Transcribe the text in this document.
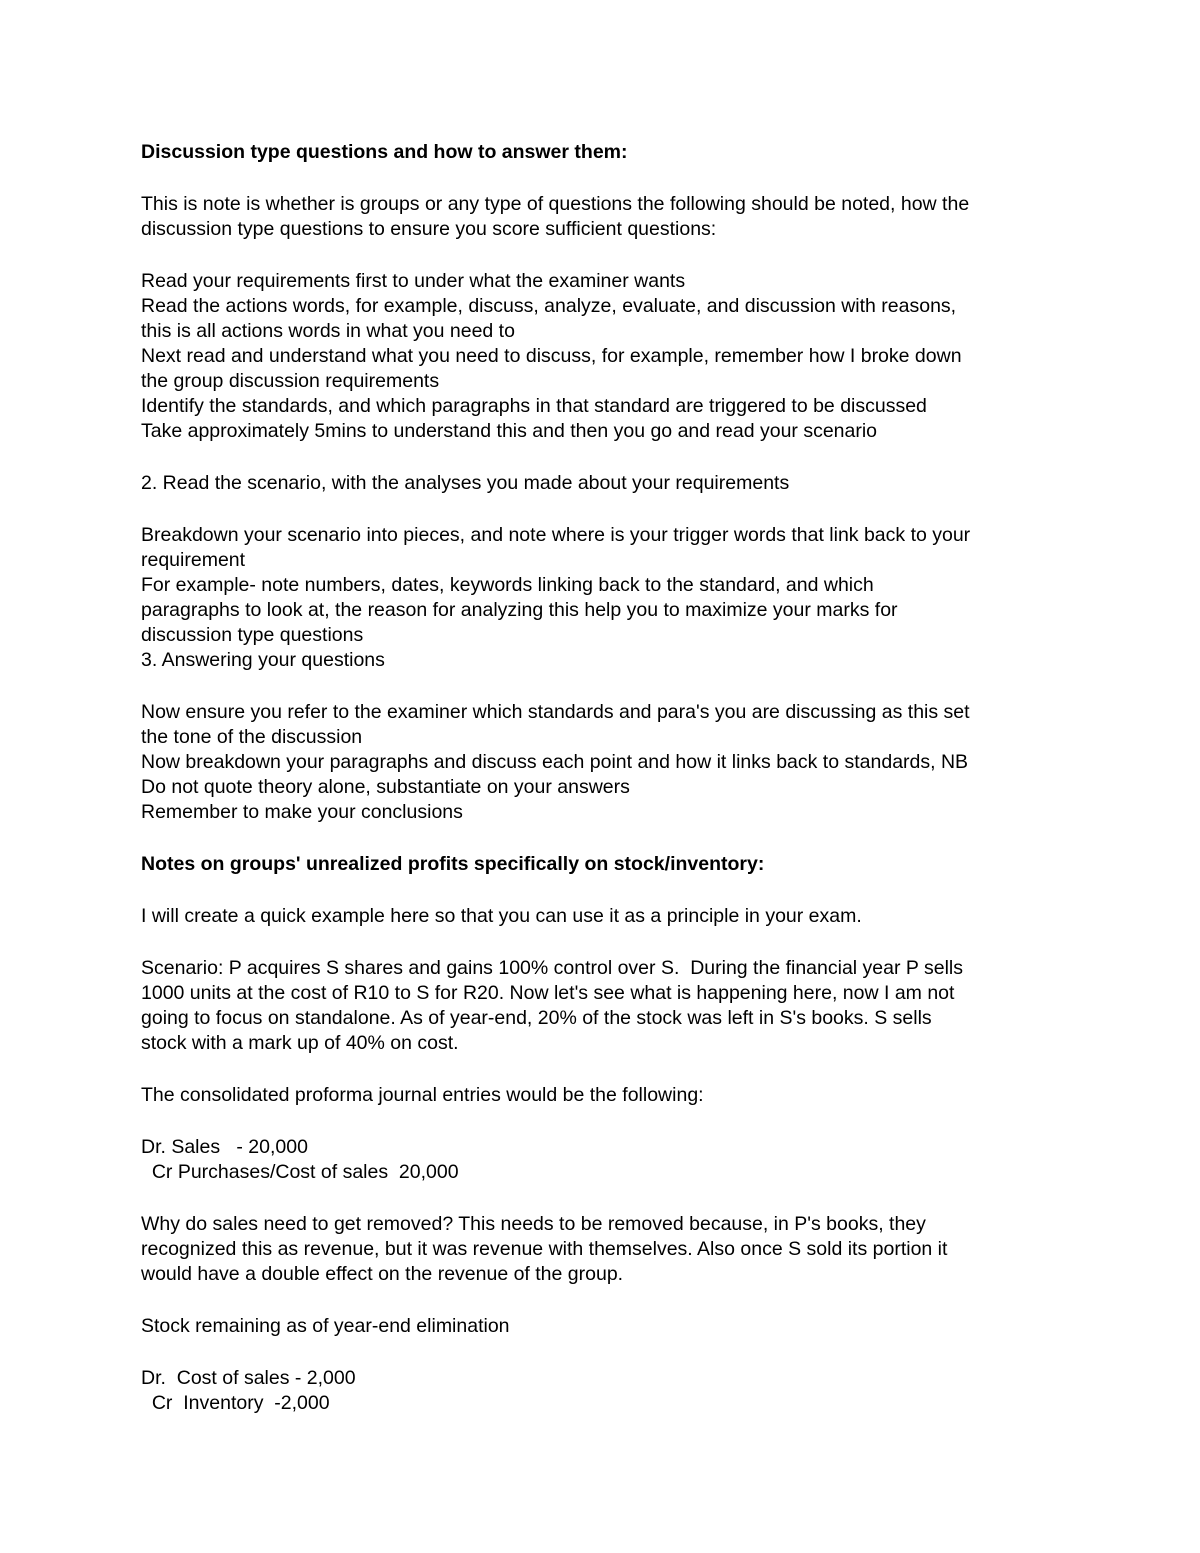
Discussion type questions and how to answer them:
This is note is whether is groups or any type of questions the following should be noted, how the
discussion type questions to ensure you score sufficient questions:
Read your requirements first to under what the examiner wants
Read the actions words, for example, discuss, analyze, evaluate, and discussion with reasons,
this is all actions words in what you need to
Next read and understand what you need to discuss, for example, remember how I broke down
the group discussion requirements
Identify the standards, and which paragraphs in that standard are triggered to be discussed
Take approximately 5mins to understand this and then you go and read your scenario
2. Read the scenario, with the analyses you made about your requirements
Breakdown your scenario into pieces, and note where is your trigger words that link back to your
requirement
For example- note numbers, dates, keywords linking back to the standard, and which
paragraphs to look at, the reason for analyzing this help you to maximize your marks for
discussion type questions
3. Answering your questions
Now ensure you refer to the examiner which standards and para's you are discussing as this set
the tone of the discussion
Now breakdown your paragraphs and discuss each point and how it links back to standards, NB
Do not quote theory alone, substantiate on your answers
Remember to make your conclusions
Notes on groups' unrealized profits specifically on stock/inventory:
I will create a quick example here so that you can use it as a principle in your exam.
Scenario: P acquires S shares and gains 100% control over S.  During the financial year P sells
1000 units at the cost of R10 to S for R20. Now let's see what is happening here, now I am not
going to focus on standalone. As of year-end, 20% of the stock was left in S's books. S sells
stock with a mark up of 40% on cost.
The consolidated proforma journal entries would be the following:
Dr. Sales   - 20,000
Cr Purchases/Cost of sales  20,000
Why do sales need to get removed? This needs to be removed because, in P's books, they
recognized this as revenue, but it was revenue with themselves. Also once S sold its portion it
would have a double effect on the revenue of the group.
Stock remaining as of year-end elimination
Dr.  Cost of sales - 2,000
Cr  Inventory  -2,000
